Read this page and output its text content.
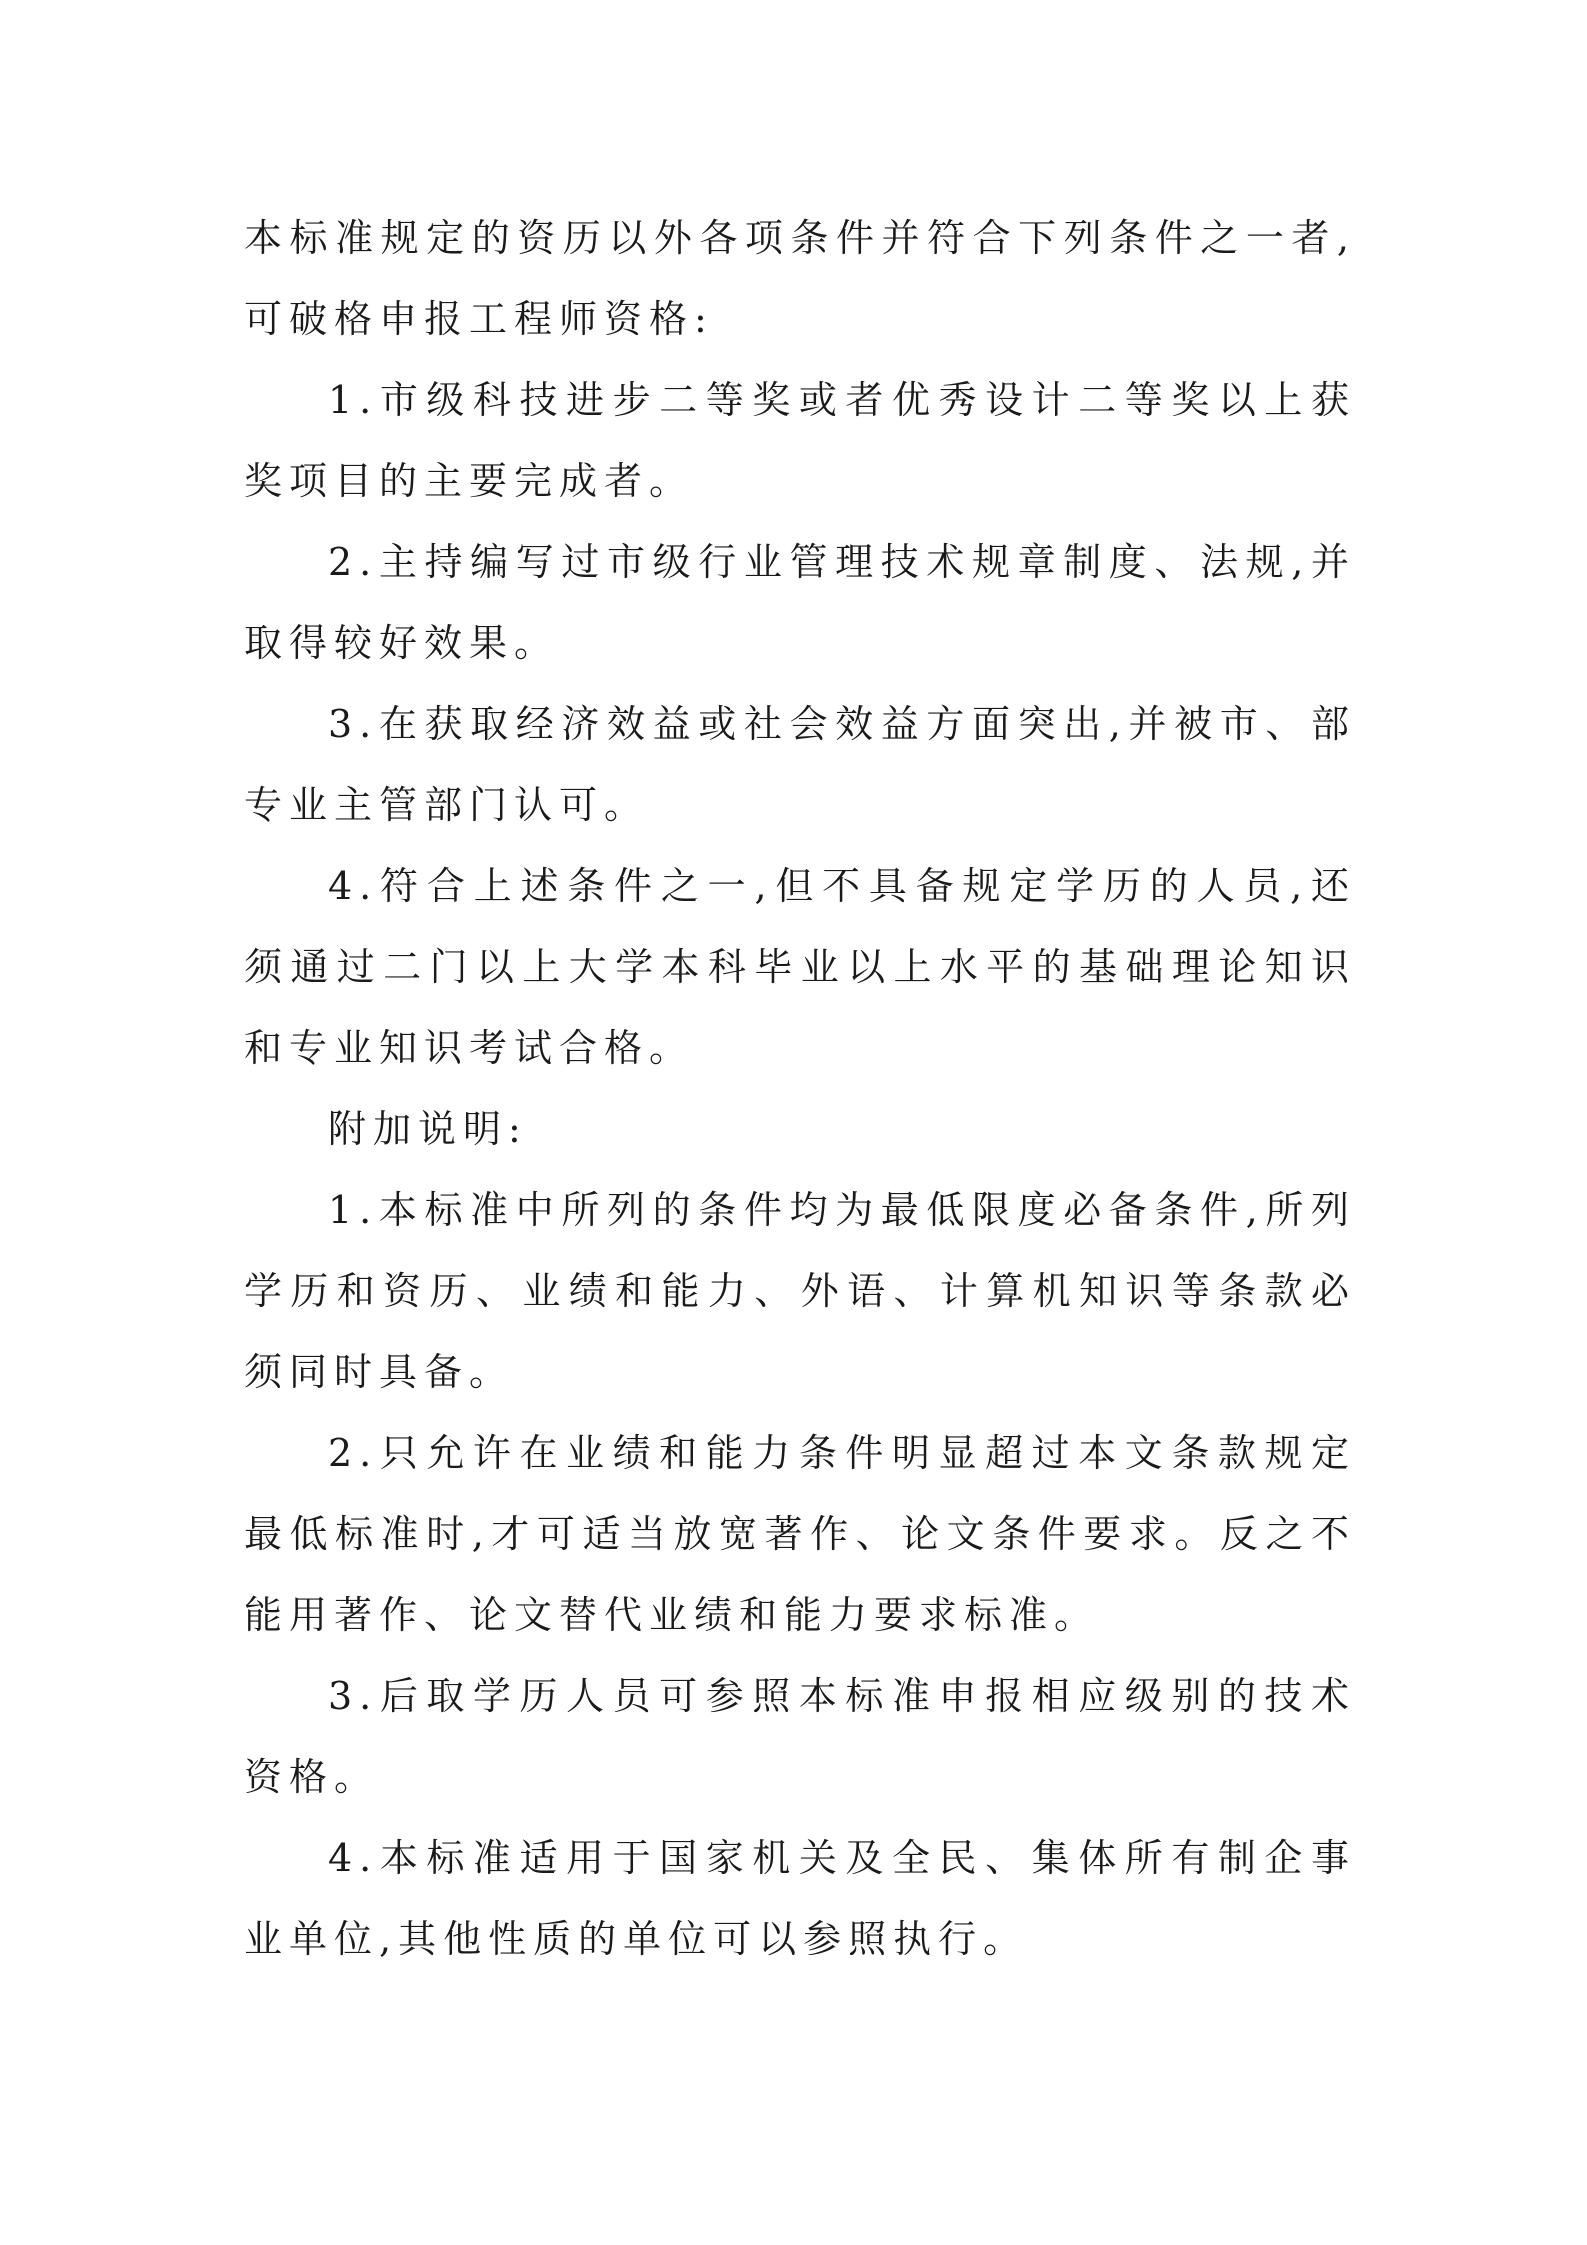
本标准规定的资历以外各项条件并符合下列条件之一者,可破格申报工程师资格:

1.市级科技进步二等奖或者优秀设计二等奖以上获奖项目的主要完成者。

2.主持编写过市级行业管理技术规章制度、法规,并取得较好效果。

3.在获取经济效益或社会效益方面突出,并被市、部专业主管部门认可。

4.符合上述条件之一,但不具备规定学历的人员,还须通过二门以上大学本科毕业以上水平的基础理论知识和专业知识考试合格。

附加说明:

1.本标准中所列的条件均为最低限度必备条件,所列学历和资历、业绩和能力、外语、计算机知识等条款必须同时具备。

2.只允许在业绩和能力条件明显超过本文条款规定最低标准时,才可适当放宽著作、论文条件要求。反之不能用著作、论文替代业绩和能力要求标准。

3.后取学历人员可参照本标准申报相应级别的技术资格。

4.本标准适用于国家机关及全民、集体所有制企事业单位,其他性质的单位可以参照执行。
